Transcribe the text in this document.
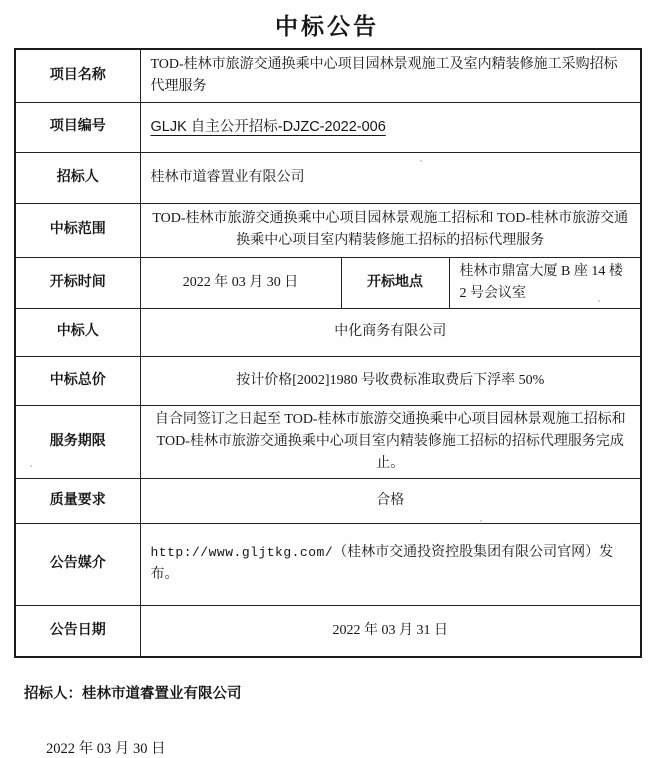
中标公告
项目名称	TOD-桂林市旅游交通换乘中心项目园林景观施工及室内精装修施工采购招标代理服务		
项目编号	GLJK 自主公开招标-DJZC-2022-006		
招标人	桂林市道睿置业有限公司		
中标范围	TOD-桂林市旅游交通换乘中心项目园林景观施工招标和 TOD-桂林市旅游交通换乘中心项目室内精装修施工招标的招标代理服务		
开标时间	2022 年 03 月 30 日	开标地点	桂林市鼎富大厦 B 座 14 楼 2 号会议室
中标人	中化商务有限公司		
中标总价	按计价格[2002]1980 号收费标准取费后下浮率 50%		
服务期限	自合同签订之日起至 TOD-桂林市旅游交通换乘中心项目园林景观施工招标和 TOD-桂林市旅游交通换乘中心项目室内精装修施工招标的招标代理服务完成止。		
质量要求	合格		
公告媒介	http://www.gljtkg.com/（桂林市交通投资控股集团有限公司官网）发布。		
公告日期	2022 年 03 月 31 日		

招标人：桂林市道睿置业有限公司

2022 年 03 月 30 日
